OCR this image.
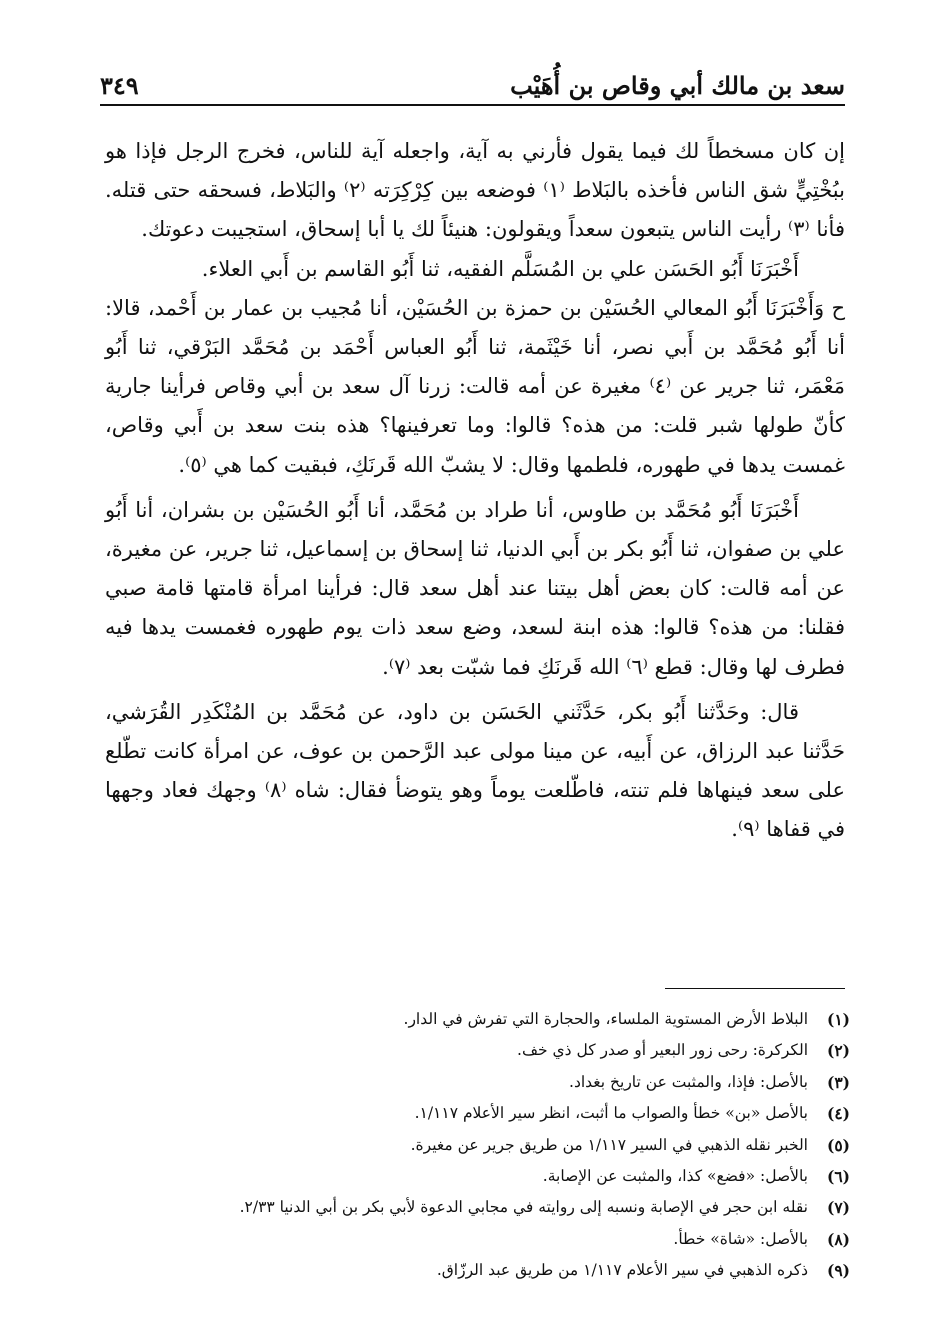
سعد بن مالك أبي وقاص بن أُهَيْب
٣٤٩

إن كان مسخطاً لك فيما يقول فأرني به آية، واجعله آية للناس، فخرج الرجل فإذا هو ببُخْتِيٍّ شق الناس فأخذه بالبَلاط ⁽١⁾ فوضعه بين كِرْكِرَته ⁽٢⁾ والبَلاط، فسحقه حتى قتله. فأنا ⁽٣⁾ رأيت الناس يتبعون سعداً ويقولون: هنيئاً لك يا أبا إسحاق، استجيبت دعوتك.

أَخْبَرَنَا أَبُو الحَسَن علي بن المُسَلَّم الفقيه، ثنا أَبُو القاسم بن أَبي العلاء.

ح وَأَخْبَرَنَا أَبُو المعالي الحُسَيْن بن حمزة بن الحُسَيْن، أنا مُجيب بن عمار بن أَحْمد، قالا: أنا أَبُو مُحَمَّد بن أَبي نصر، أنا خَيْثَمة، ثنا أَبُو العباس أَحْمَد بن مُحَمَّد البَرْقي، ثنا أَبُو مَعْمَر، ثنا جرير عن ⁽٤⁾ مغيرة عن أمه قالت: زرنا آل سعد بن أبي وقاص فرأينا جارية كأنّ طولها شبر قلت: من هذه؟ قالوا: وما تعرفينها؟ هذه بنت سعد بن أَبي وقاص، غمست يدها في طهوره، فلطمها وقال: لا يشبّ الله قَرنَكِ، فبقيت كما هي ⁽٥⁾.

أَخْبَرَنَا أَبُو مُحَمَّد بن طاوس، أنا طراد بن مُحَمَّد، أنا أَبُو الحُسَيْن بن بشران، أنا أَبُو علي بن صفوان، ثنا أَبُو بكر بن أَبي الدنيا، ثنا إسحاق بن إسماعيل، ثنا جرير، عن مغيرة، عن أمه قالت: كان بعض أهل بيتنا عند أهل سعد قال: فرأينا امرأة قامتها قامة صبي فقلنا: من هذه؟ قالوا: هذه ابنة لسعد، وضع سعد ذات يوم طهوره فغمست يدها فيه فطرف لها وقال: قطع ⁽٦⁾ الله قَرنَكِ فما شبّت بعد ⁽٧⁾.

قال: وحَدَّثنا أَبُو بكر، حَدَّثَني الحَسَن بن داود، عن مُحَمَّد بن المُنْكَدِر القُرَشي، حَدَّثنا عبد الرزاق، عن أَبيه، عن مينا مولى عبد الرَّحمن بن عوف، عن امرأة كانت تطّلع على سعد فينهاها فلم تنته، فاطّلعت يوماً وهو يتوضأ فقال: شاه ⁽٨⁾ وجهك فعاد وجهها في قفاها ⁽٩⁾.

(١)
البلاط الأرض المستوية الملساء، والحجارة التي تفرش في الدار.
(٢)
الكركرة: رحى زور البعير أو صدر كل ذي خف.
(٣)
بالأصل: فإذا، والمثبت عن تاريخ بغداد.
(٤)
بالأصل «بن» خطأ والصواب ما أثبت، انظر سير الأعلام ١/١١٧.
(٥)
الخبر نقله الذهبي في السير ١/١١٧ من طريق جرير عن مغيرة.
(٦)
بالأصل: «فضع» كذا، والمثبت عن الإصابة.
(٧)
نقله ابن حجر في الإصابة ونسبه إلى روايته في مجابي الدعوة لأبي بكر بن أبي الدنيا ٢/٣٣.
(٨)
بالأصل: «شاة» خطأ.
(٩)
ذكره الذهبي في سير الأعلام ١/١١٧ من طريق عبد الرزّاق.
